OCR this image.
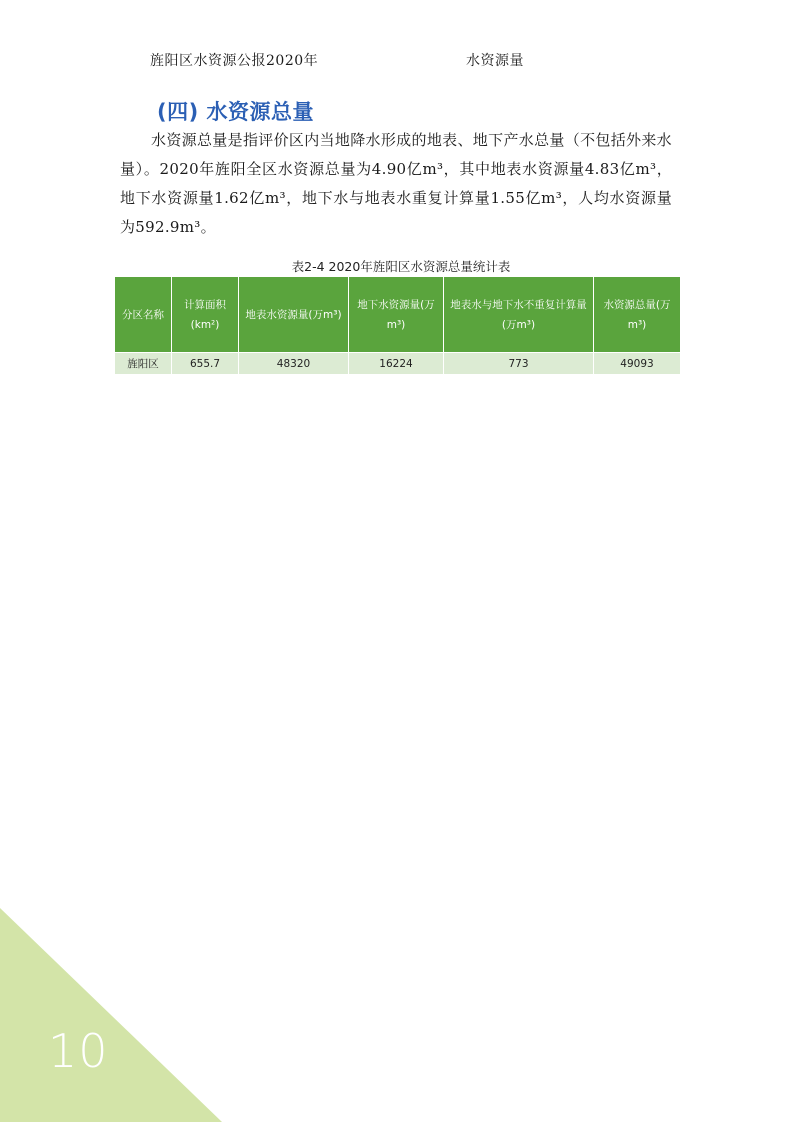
旌阳区水资源公报2020年	水资源量
(四) 水资源总量

水资源总量是指评价区内当地降水形成的地表、地下产水总量（不包括外来水量）。2020年旌阳全区水资源总量为4.90亿m³，其中地表水资源量4.83亿m³，地下水资源量1.62亿m³，地下水与地表水重复计算量1.55亿m³，人均水资源量为592.9m³。

表2-4 2020年旌阳区水资源总量统计表
分区名称	计算面积(km²)	地表水资源量(万m³)	地下水资源量(万m³)	地表水与地下水不重复计算量(万m³)	水资源总量(万m³)
旌阳区	655.7	48320	16224	773	49093
10
